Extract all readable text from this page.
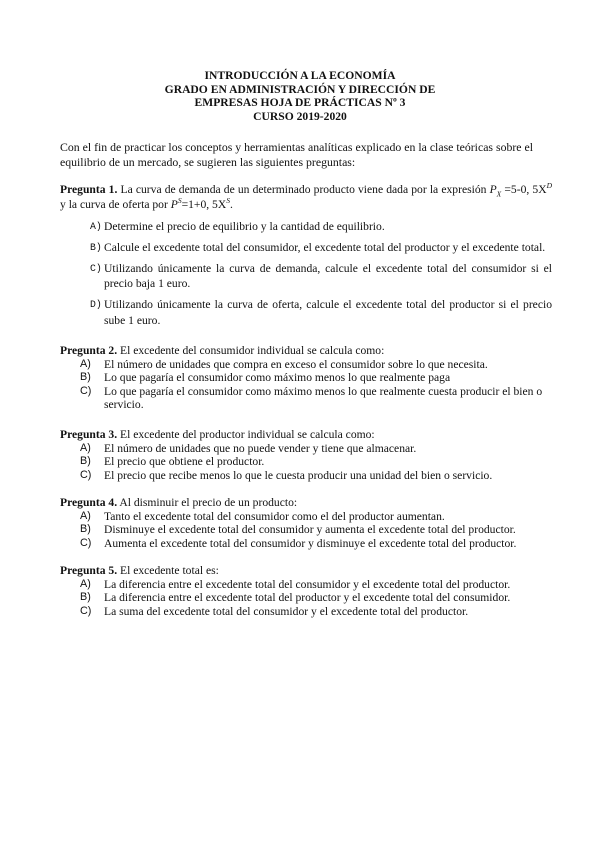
INTRODUCCIÓN A LA ECONOMÍA
GRADO EN ADMINISTRACIÓN Y DIRECCIÓN DE
EMPRESAS HOJA DE PRÁCTICAS Nº 3
CURSO 2019-2020
Con el fin de practicar los conceptos y herramientas analíticas explicado en la clase teóricas sobre el equilibrio de un mercado, se sugieren las siguientes preguntas:
Pregunta 1. La curva de demanda de un determinado producto viene dada por la expresión $P_X =5-0$, $5X^D$ y la curva de oferta por $P^S=1+0$, $5X^S$.
A) Determine el precio de equilibrio y la cantidad de equilibrio.
B) Calcule el excedente total del consumidor, el excedente total del productor y el excedente total.
C) Utilizando únicamente la curva de demanda, calcule el excedente total del consumidor si el precio baja 1 euro.
D) Utilizando únicamente la curva de oferta, calcule el excedente total del productor si el precio sube 1 euro.
Pregunta 2. El excedente del consumidor individual se calcula como:
A)	El número de unidades que compra en exceso el consumidor sobre lo que necesita.
B)	Lo que pagaría el consumidor como máximo menos lo que realmente paga
C)	Lo que pagaría el consumidor como máximo menos lo que realmente cuesta producir el bien o servicio.
Pregunta 3. El excedente del productor individual se calcula como:
A)	El número de unidades que no puede vender y tiene que almacenar.
B)	El precio que obtiene el productor.
C)	El precio que recibe menos lo que le cuesta producir una unidad del bien o servicio.
Pregunta 4. Al disminuir el precio de un producto:
A)	Tanto el excedente total del consumidor como el del productor aumentan.
B)	Disminuye el excedente total del consumidor y aumenta el excedente total del productor.
C)	Aumenta el excedente total del consumidor y disminuye el excedente total del productor.
Pregunta 5. El excedente total es:
A)	La diferencia entre el excedente total del consumidor y el excedente total del productor.
B)	La diferencia entre el excedente total del productor y el excedente total del consumidor.
C)	La suma del excedente total del consumidor y el excedente total del productor.
